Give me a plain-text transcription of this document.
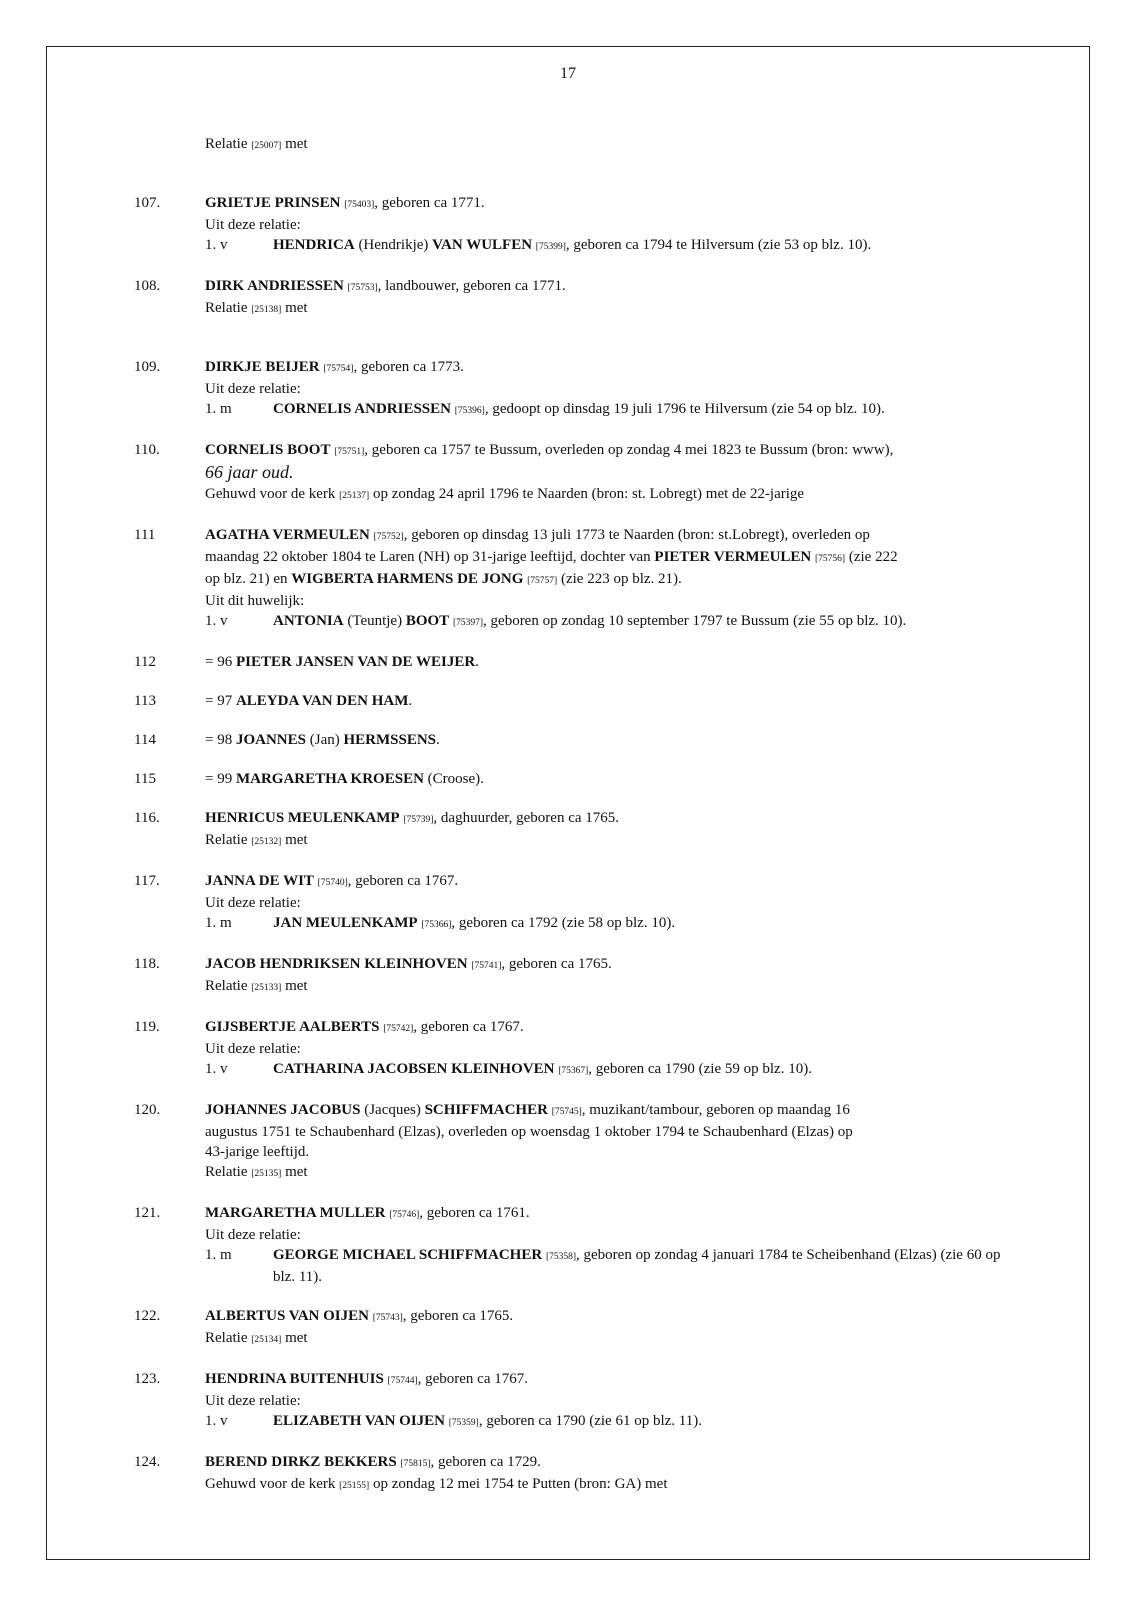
17
Relatie [25007] met
107.	GRIETJE PRINSEN [75403], geboren ca 1771.
Uit deze relatie:
1. v	HENDRICA (Hendrikje) VAN WULFEN [75399], geboren ca 1794 te Hilversum (zie 53 op blz. 10).
108.	DIRK ANDRIESSEN [75753], landbouwer, geboren ca 1771.
Relatie [25138] met
109.	DIRKJE BEIJER [75754], geboren ca 1773.
Uit deze relatie:
1. m	CORNELIS ANDRIESSEN [75396], gedoopt op dinsdag 19 juli 1796 te Hilversum (zie 54 op blz. 10).
110.	CORNELIS BOOT [75751], geboren ca 1757 te Bussum, overleden op zondag 4 mei 1823 te Bussum (bron: www),
66 jaar oud.
Gehuwd voor de kerk [25137] op zondag 24 april 1796 te Naarden (bron: st. Lobregt) met de 22-jarige
111	AGATHA VERMEULEN [75752], geboren op dinsdag 13 juli 1773 te Naarden (bron: st.Lobregt), overleden op
maandag 22 oktober 1804 te Laren (NH) op 31-jarige leeftijd, dochter van PIETER VERMEULEN [75756] (zie 222
op blz. 21) en WIGBERTA HARMENS DE JONG [75757] (zie 223 op blz. 21).
Uit dit huwelijk:
1. v	ANTONIA (Teuntje) BOOT [75397], geboren op zondag 10 september 1797 te Bussum (zie 55 op blz. 10).
112	= 96 PIETER JANSEN VAN DE WEIJER.
113	= 97 ALEYDA VAN DEN HAM.
114	= 98 JOANNES (Jan) HERMSSENS.
115	= 99 MARGARETHA KROESEN (Croose).
116.	HENRICUS MEULENKAMP [75739], daghuurder, geboren ca 1765.
Relatie [25132] met
117.	JANNA DE WIT [75740], geboren ca 1767.
Uit deze relatie:
1. m	JAN MEULENKAMP [75366], geboren ca 1792 (zie 58 op blz. 10).
118.	JACOB HENDRIKSEN KLEINHOVEN [75741], geboren ca 1765.
Relatie [25133] met
119.	GIJSBERTJE AALBERTS [75742], geboren ca 1767.
Uit deze relatie:
1. v	CATHARINA JACOBSEN KLEINHOVEN [75367], geboren ca 1790 (zie 59 op blz. 10).
120.	JOHANNES JACOBUS (Jacques) SCHIFFMACHER [75745], muzikant/tambour, geboren op maandag 16
augustus 1751 te Schaubenhard (Elzas), overleden op woensdag 1 oktober 1794 te Schaubenhard (Elzas) op
43-jarige leeftijd.
Relatie [25135] met
121.	MARGARETHA MULLER [75746], geboren ca 1761.
Uit deze relatie:
1. m	GEORGE MICHAEL SCHIFFMACHER [75358], geboren op zondag 4 januari 1784 te Scheibenhand (Elzas) (zie 60 op blz. 11).
122.	ALBERTUS VAN OIJEN [75743], geboren ca 1765.
Relatie [25134] met
123.	HENDRINA BUITENHUIS [75744], geboren ca 1767.
Uit deze relatie:
1. v	ELIZABETH VAN OIJEN [75359], geboren ca 1790 (zie 61 op blz. 11).
124.	BEREND DIRKZ BEKKERS [75815], geboren ca 1729.
Gehuwd voor de kerk [25155] op zondag 12 mei 1754 te Putten (bron: GA) met
